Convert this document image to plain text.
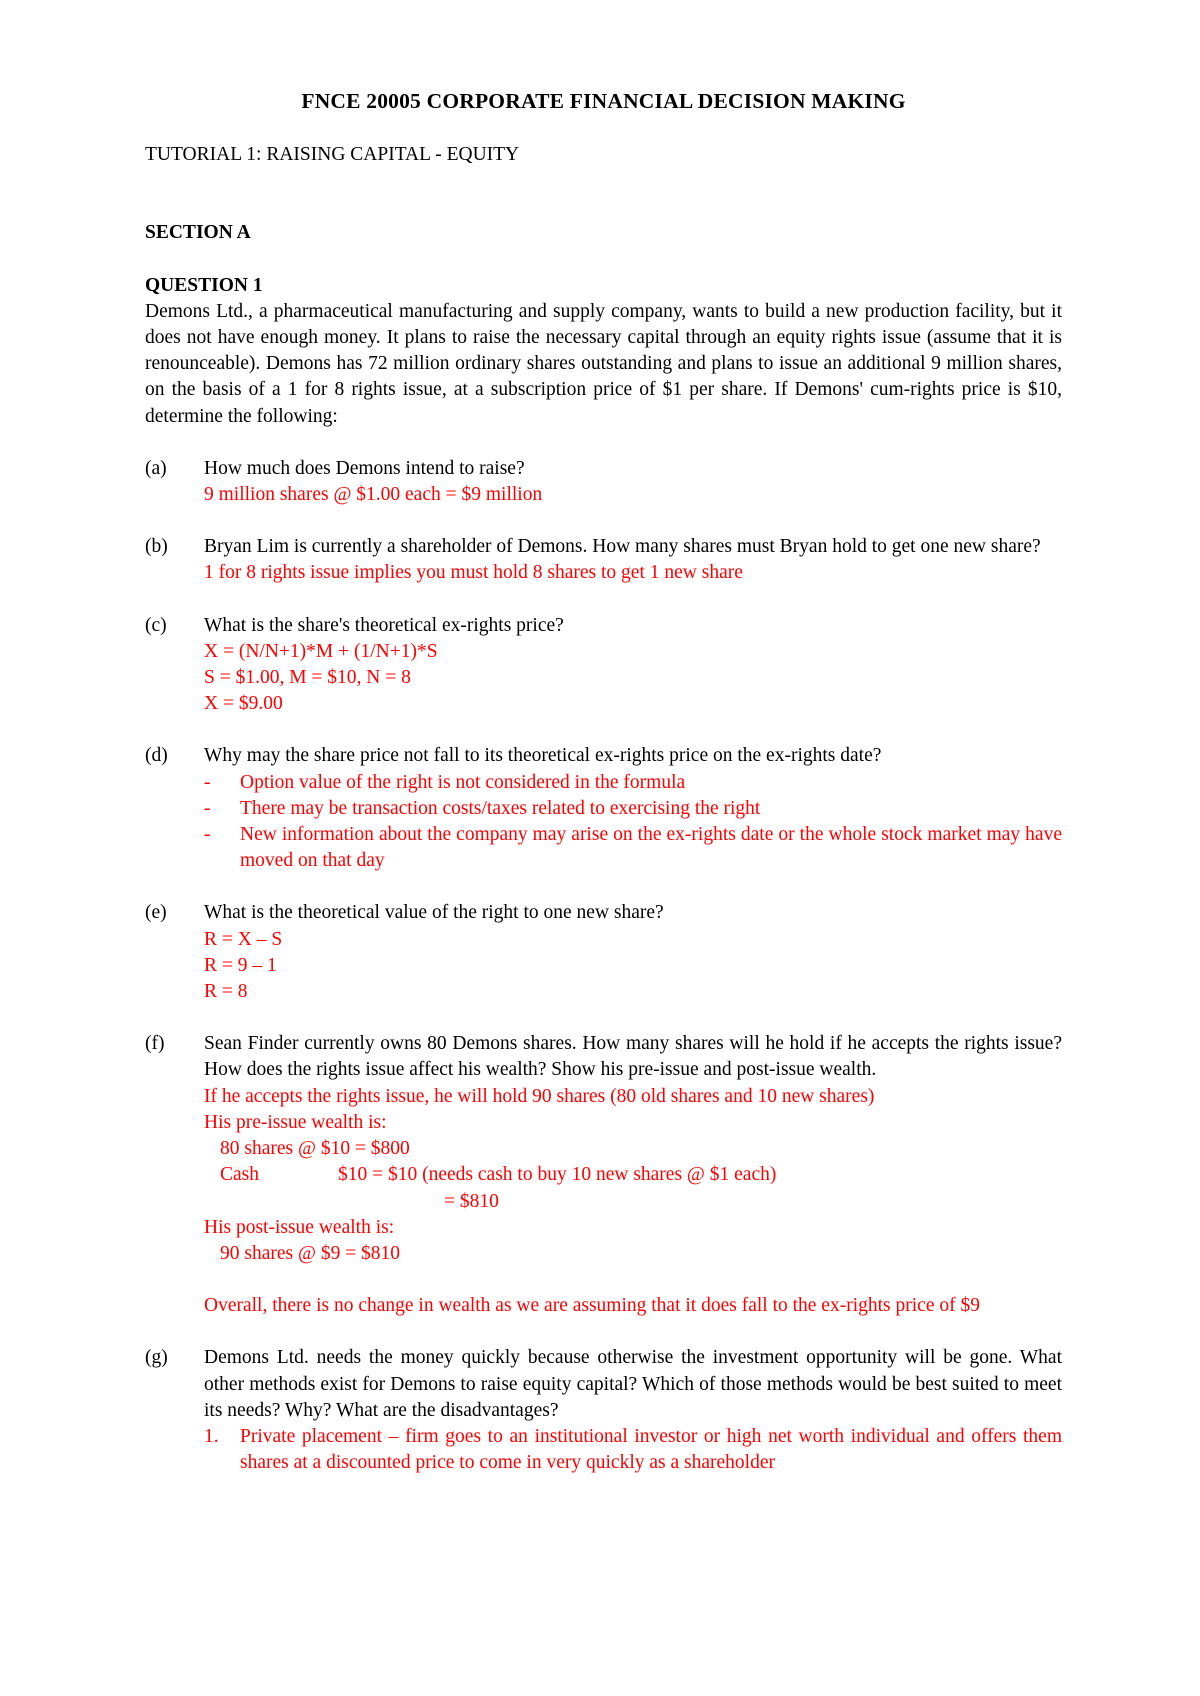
FNCE 20005 CORPORATE FINANCIAL DECISION MAKING
TUTORIAL 1: RAISING CAPITAL - EQUITY
SECTION A
QUESTION 1

Demons Ltd., a pharmaceutical manufacturing and supply company, wants to build a new production facility, but it does not have enough money. It plans to raise the necessary capital through an equity rights issue (assume that it is renounceable). Demons has 72 million ordinary shares outstanding and plans to issue an additional 9 million shares, on the basis of a 1 for 8 rights issue, at a subscription price of $1 per share. If Demons' cum-rights price is $10, determine the following:

(a)	How much does Demons intend to raise?
9 million shares @ $1.00 each = $9 million
(b)	Bryan Lim is currently a shareholder of Demons. How many shares must Bryan hold to get one new share?
1 for 8 rights issue implies you must hold 8 shares to get 1 new share
(c)	What is the share's theoretical ex-rights price?
X = (N/N+1)*M + (1/N+1)*S
S = $1.00, M = $10, N = 8
X = $9.00
(d)	Why may the share price not fall to its theoretical ex-rights price on the ex-rights date?
-	Option value of the right is not considered in the formula
-	There may be transaction costs/taxes related to exercising the right
-	New information about the company may arise on the ex-rights date or the whole stock market may have moved on that day
(e)	What is the theoretical value of the right to one new share?
R = X – S
R = 9 – 1
R = 8
(f)	Sean Finder currently owns 80 Demons shares. How many shares will he hold if he accepts the rights issue? How does the rights issue affect his wealth? Show his pre-issue and post-issue wealth.
If he accepts the rights issue, he will hold 90 shares (80 old shares and 10 new shares)
His pre-issue wealth is:
80 shares @ $10 = $800
Cash	$10 = $10 (needs cash to buy 10 new shares @ $1 each)
= $810
His post-issue wealth is:
90 shares @ $9 = $810
Overall, there is no change in wealth as we are assuming that it does fall to the ex-rights price of $9
(g)	Demons Ltd. needs the money quickly because otherwise the investment opportunity will be gone. What other methods exist for Demons to raise equity capital? Which of those methods would be best suited to meet its needs? Why? What are the disadvantages?
1.	Private placement – firm goes to an institutional investor or high net worth individual and offers them shares at a discounted price to come in very quickly as a shareholder
